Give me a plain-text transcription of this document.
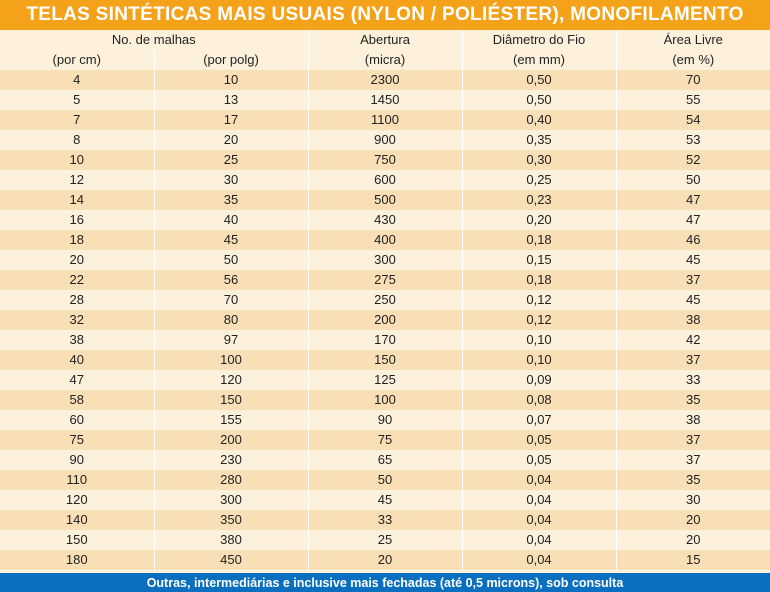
TELAS SINTÉTICAS MAIS USUAIS (NYLON / POLIÉSTER), MONOFILAMENTO
No. de malhas		Abertura	Diâmetro do Fio	Área Livre
(por cm)	(por polg)	(micra)	(em mm)	(em %)
4	10	2300	0,50	70
5	13	1450	0,50	55
7	17	1100	0,40	54
8	20	900	0,35	53
10	25	750	0,30	52
12	30	600	0,25	50
14	35	500	0,23	47
16	40	430	0,20	47
18	45	400	0,18	46
20	50	300	0,15	45
22	56	275	0,18	37
28	70	250	0,12	45
32	80	200	0,12	38
38	97	170	0,10	42
40	100	150	0,10	37
47	120	125	0,09	33
58	150	100	0,08	35
60	155	90	0,07	38
75	200	75	0,05	37
90	230	65	0,05	37
110	280	50	0,04	35
120	300	45	0,04	30
140	350	33	0,04	20
150	380	25	0,04	20
180	450	20	0,04	15
Outras, intermediárias e inclusive mais fechadas (até 0,5 microns), sob consulta
